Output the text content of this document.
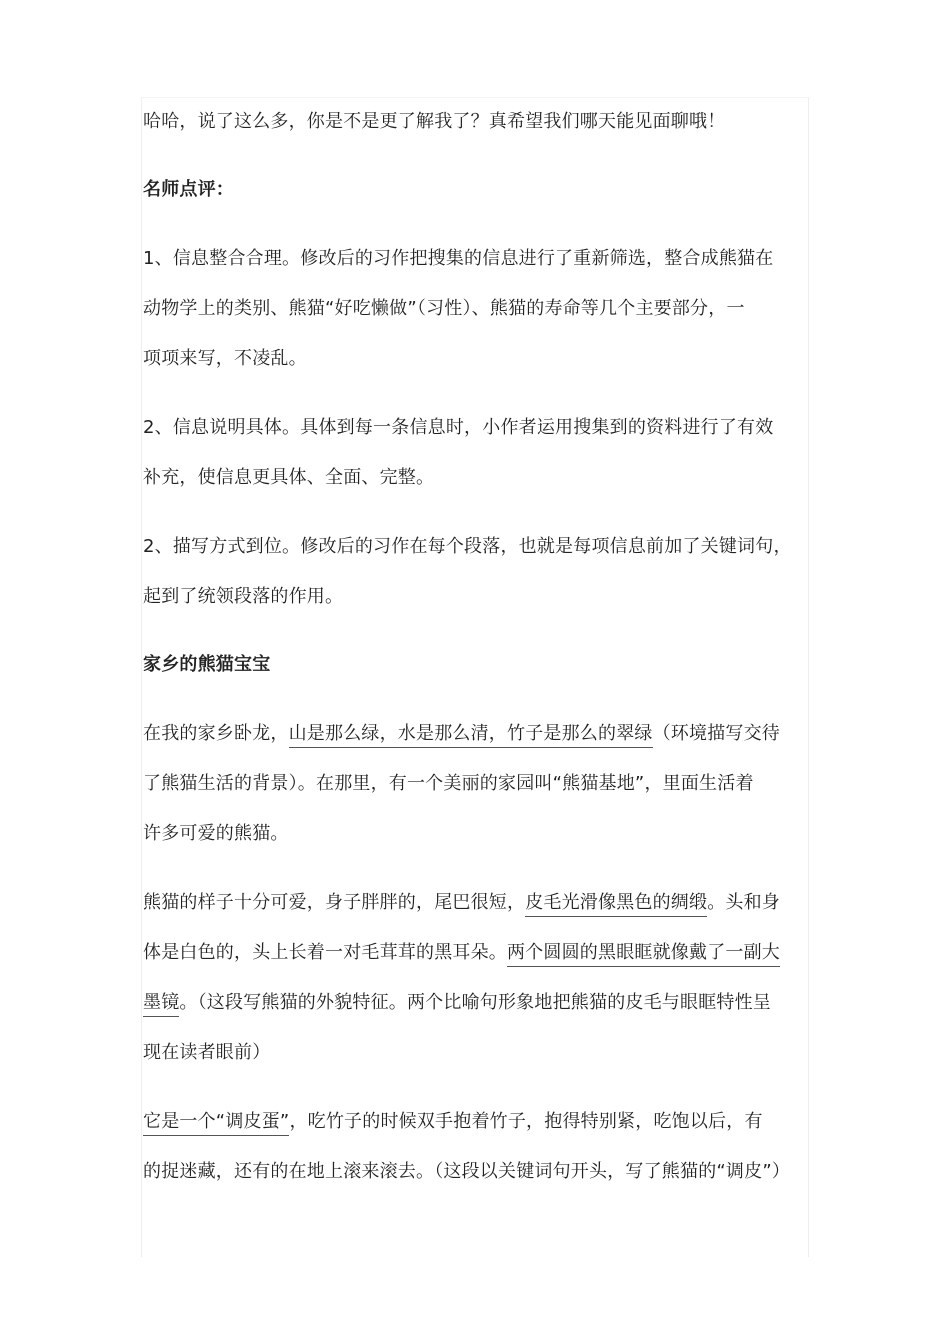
哈哈，说了这么多，你是不是更了解我了？真希望我们哪天能见面聊哦！
名师点评：
1、信息整合合理。修改后的习作把搜集的信息进行了重新筛选，整合成熊猫在
动物学上的类别、熊猫“好吃懒做”（习性）、熊猫的寿命等几个主要部分，一
项项来写，不凌乱。
2、信息说明具体。具体到每一条信息时，小作者运用搜集到的资料进行了有效
补充，使信息更具体、全面、完整。
2、描写方式到位。修改后的习作在每个段落，也就是每项信息前加了关键词句，
起到了统领段落的作用。
家乡的熊猫宝宝
在我的家乡卧龙，山是那么绿，水是那么清，竹子是那么的翠绿（环境描写交待
了熊猫生活的背景）。在那里，有一个美丽的家园叫“熊猫基地”，里面生活着
许多可爱的熊猫。
熊猫的样子十分可爱，身子胖胖的，尾巴很短，皮毛光滑像黑色的绸缎。头和身
体是白色的，头上长着一对毛茸茸的黑耳朵。两个圆圆的黑眼眶就像戴了一副大
墨镜。（这段写熊猫的外貌特征。两个比喻句形象地把熊猫的皮毛与眼眶特性呈
现在读者眼前）
它是一个“调皮蛋”，吃竹子的时候双手抱着竹子，抱得特别紧，吃饱以后，有
的捉迷藏，还有的在地上滚来滚去。（这段以关键词句开头，写了熊猫的“调皮”）
